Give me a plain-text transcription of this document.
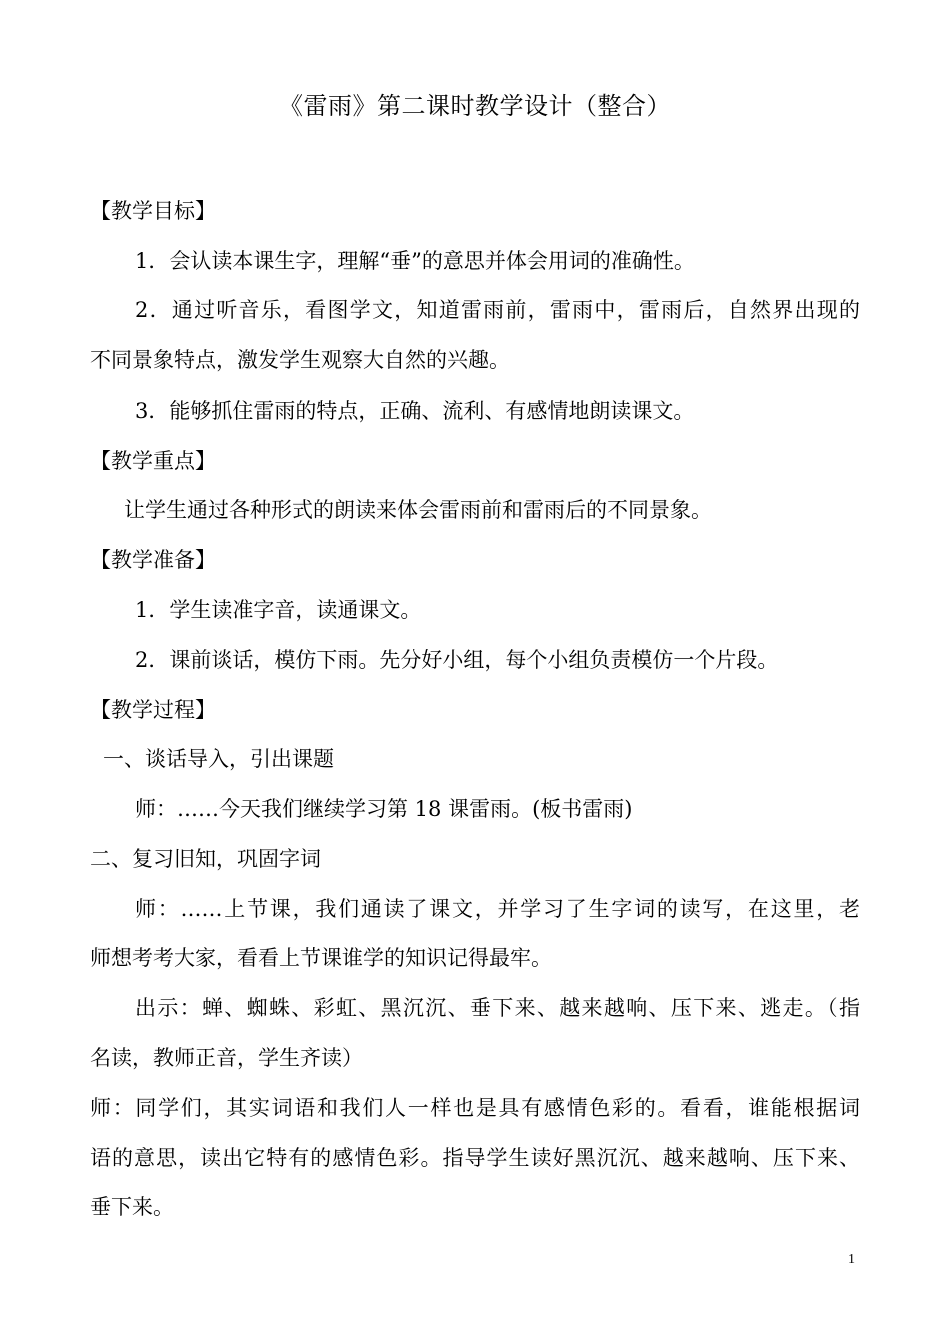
《雷雨》第二课时教学设计（整合）
【教学目标】
1．会认读本课生字，理解“垂”的意思并体会用词的准确性。
2．通过听音乐，看图学文，知道雷雨前，雷雨中，雷雨后，自然界出现的
不同景象特点，激发学生观察大自然的兴趣。
3．能够抓住雷雨的特点，正确、流利、有感情地朗读课文。
【教学重点】
让学生通过各种形式的朗读来体会雷雨前和雷雨后的不同景象。
【教学准备】
1．学生读准字音，读通课文。
2．课前谈话，模仿下雨。先分好小组，每个小组负责模仿一个片段。
【教学过程】
一、谈话导入，引出课题
师：……今天我们继续学习第 18 课雷雨。(板书雷雨)
二、复习旧知，巩固字词
师：……上节课，我们通读了课文，并学习了生字词的读写，在这里，老
师想考考大家，看看上节课谁学的知识记得最牢。
出示：蝉、蜘蛛、彩虹、黑沉沉、垂下来、越来越响、压下来、逃走。（指
名读，教师正音，学生齐读）
师：同学们，其实词语和我们人一样也是具有感情色彩的。看看，谁能根据词
语的意思，读出它特有的感情色彩。指导学生读好黑沉沉、越来越响、压下来、
垂下来。
1
